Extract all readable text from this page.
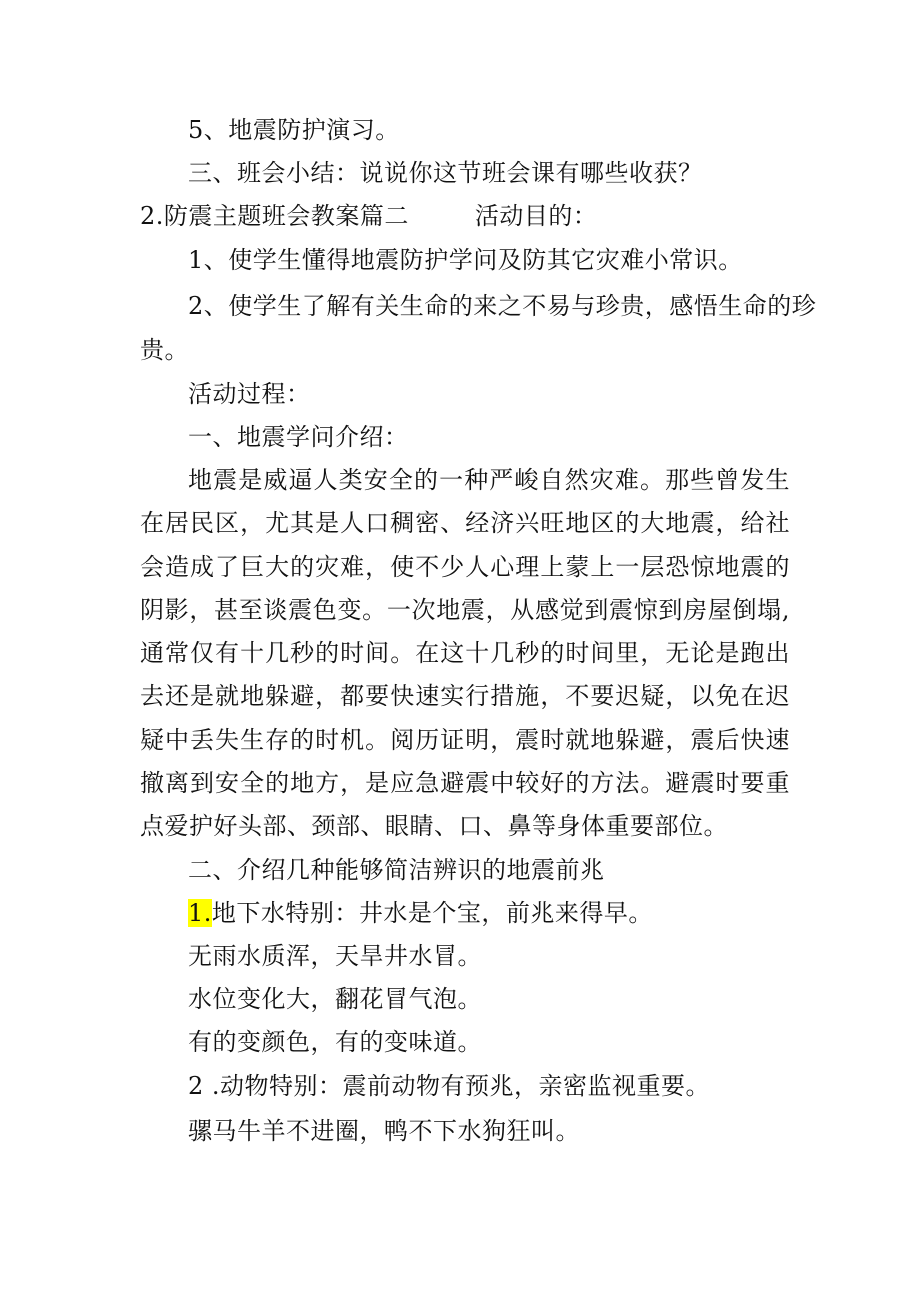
5、地震防护演习。
三、班会小结：说说你这节班会课有哪些收获？
2.防震主题班会教案篇二	活动目的：
1、使学生懂得地震防护学问及防其它灾难小常识。
2、使学生了解有关生命的来之不易与珍贵，感悟生命的珍
贵。
活动过程：
一、地震学问介绍：
地震是威逼人类安全的一种严峻自然灾难。那些曾发生在居民区，尤其是人口稠密、经济兴旺地区的大地震，给社会造成了巨大的灾难，使不少人心理上蒙上一层恐惊地震的阴影，甚至谈震色变。一次地震，从感觉到震惊到房屋倒塌,通常仅有十几秒的时间。在这十几秒的时间里，无论是跑出去还是就地躲避，都要快速实行措施，不要迟疑，以免在迟疑中丢失生存的时机。阅历证明，震时就地躲避，震后快速撤离到安全的地方，是应急避震中较好的方法。避震时要重点爱护好头部、颈部、眼睛、口、鼻等身体重要部位。
二、介绍几种能够简洁辨识的地震前兆
1.地下水特别：井水是个宝，前兆来得早。
无雨水质浑，天旱井水冒。
水位变化大，翻花冒气泡。
有的变颜色，有的变味道。
2 .动物特别：震前动物有预兆，亲密监视重要。
骡马牛羊不进圈，鸭不下水狗狂叫。
